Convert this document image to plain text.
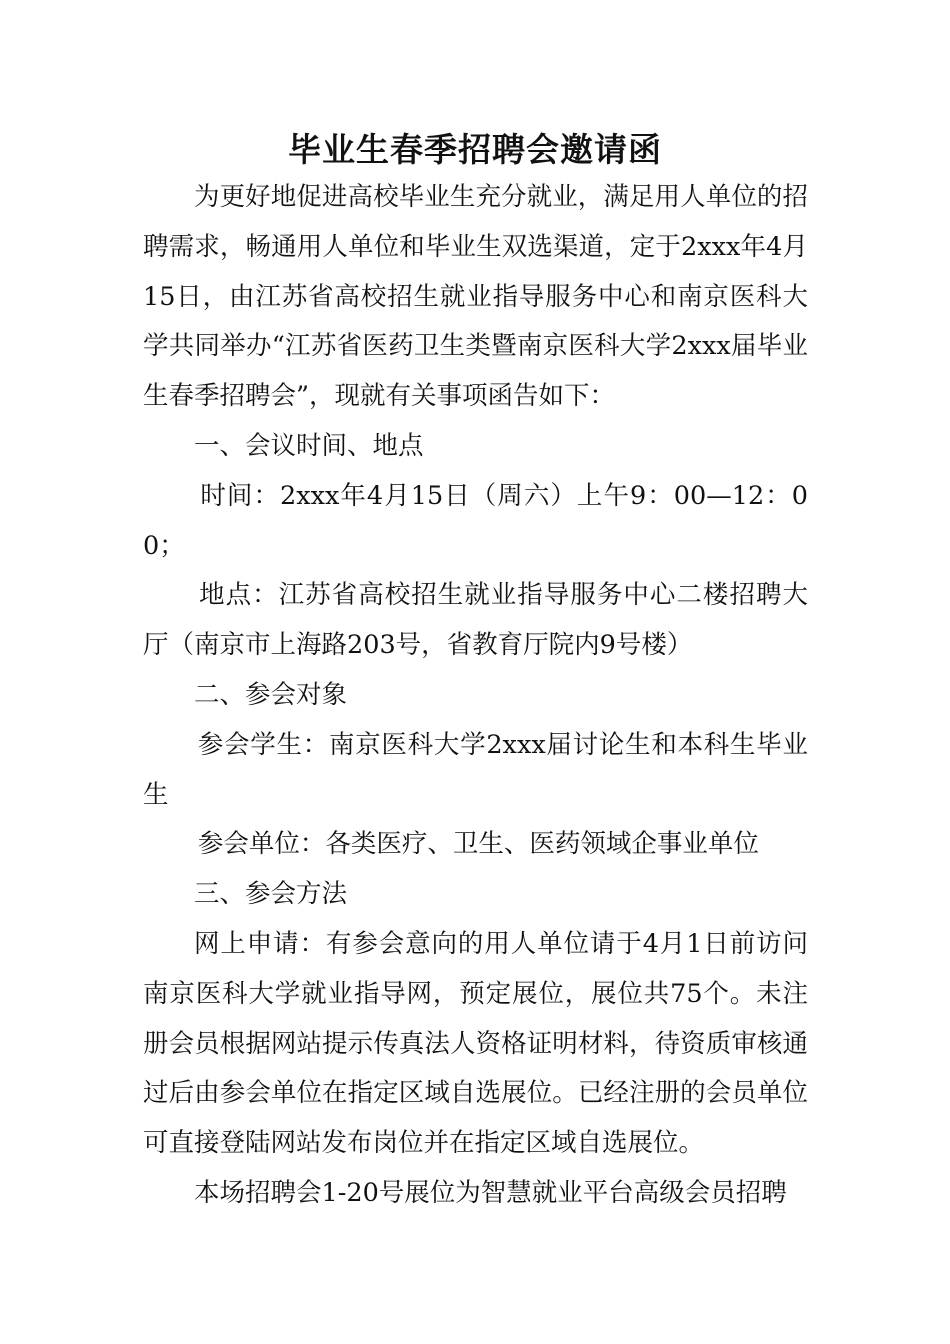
毕业生春季招聘会邀请函

为更好地促进高校毕业生充分就业，满足用人单位的招聘需求，畅通用人单位和毕业生双选渠道，定于2xxx年4月15日，由江苏省高校招生就业指导服务中心和南京医科大学共同举办“江苏省医药卫生类暨南京医科大学2xxx届毕业生春季招聘会”，现就有关事项函告如下：

一、会议时间、地点

时间：2xxx年4月15日（周六）上午9：00—12：00；

地点：江苏省高校招生就业指导服务中心二楼招聘大厅（南京市上海路203号，省教育厅院内9号楼）

二、参会对象

参会学生：南京医科大学2xxx届讨论生和本科生毕业生

参会单位：各类医疗、卫生、医药领域企事业单位

三、参会方法

网上申请：有参会意向的用人单位请于4月1日前访问南京医科大学就业指导网，预定展位，展位共75个。未注册会员根据网站提示传真法人资格证明材料，待资质审核通过后由参会单位在指定区域自选展位。已经注册的会员单位可直接登陆网站发布岗位并在指定区域自选展位。

本场招聘会1-20号展位为智慧就业平台高级会员招聘
